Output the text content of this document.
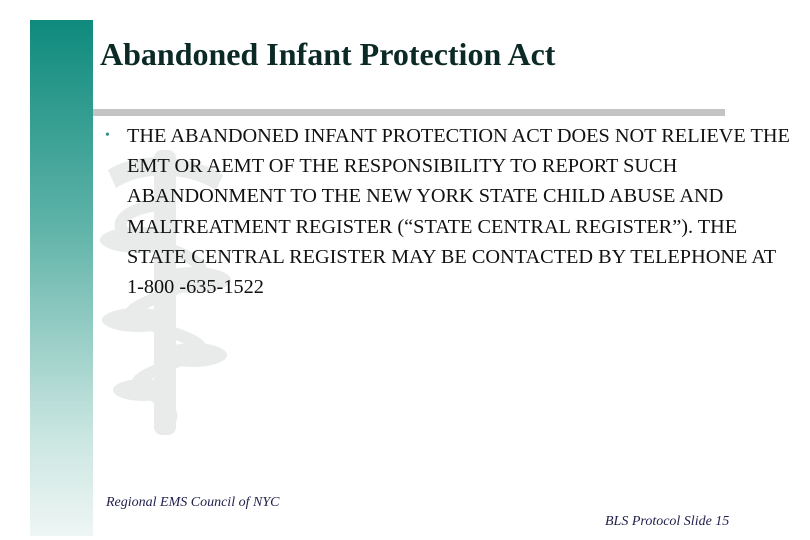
Abandoned Infant Protection Act
• THE ABANDONED INFANT PROTECTION ACT DOES NOT RELIEVE THE EMT OR AEMT OF THE RESPONSIBILITY TO REPORT SUCH ABANDONMENT TO THE NEW YORK STATE CHILD ABUSE AND MALTREATMENT REGISTER (“STATE CENTRAL REGISTER”). THE STATE CENTRAL REGISTER MAY BE CONTACTED BY TELEPHONE AT 1-800 -635-1522
Regional EMS Council of NYC
BLS Protocol Slide 15
